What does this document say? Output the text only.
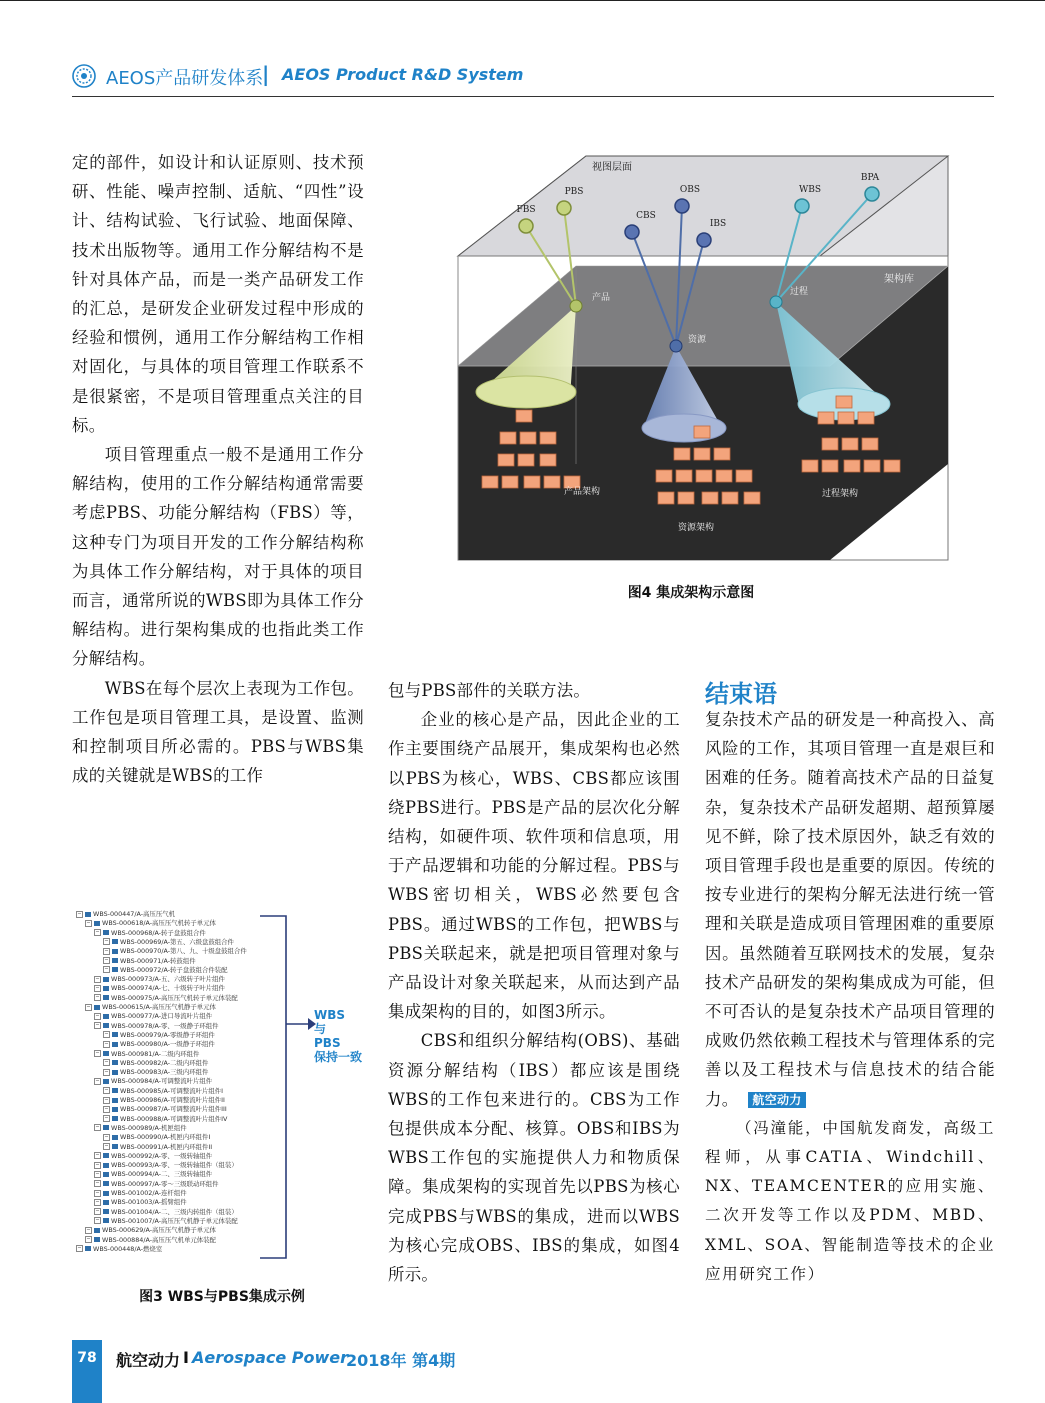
AEOS产品研发体系
| AEOS Product R&D System

定的部件，如设计和认证原则、技术预研、性能、噪声控制、适航、“四性”设计、结构试验、飞行试验、地面保障、技术出版物等。通用工作分解结构不是针对具体产品，而是一类产品研发工作的汇总，是研发企业研发过程中形成的经验和惯例，通用工作分解结构工作相对固化，与具体的项目管理工作联系不是很紧密，不是项目管理重点关注的目标。

项目管理重点一般不是通用工作分解结构，使用的工作分解结构通常需要考虑PBS、功能分解结构（FBS）等，这种专门为项目开发的工作分解结构称为具体工作分解结构，对于具体的项目而言，通常所说的WBS即为具体工作分解结构。进行架构集成的也指此类工作分解结构。

WBS在每个层次上表现为工作包。工作包是项目管理工具，是设置、监测和控制项目所必需的。PBS与WBS集成的关键就是WBS的工作

视图层面
架构库
FBS
PBS
CBS
OBS
IBS
WBS
BPA
产品
资源
过程
产品架构
资源架构
过程架构
图4 集成架构示意图

包与PBS部件的关联方法。

企业的核心是产品，因此企业的工作主要围绕产品展开，集成架构也必然以PBS为核心，WBS、CBS都应该围绕PBS进行。PBS是产品的层次化分解结构，如硬件项、软件项和信息项，用于产品逻辑和功能的分解过程。PBS与WBS密切相关，WBS必然要包含PBS。通过WBS的工作包，把WBS与PBS关联起来，就是把项目管理对象与产品设计对象关联起来，从而达到产品集成架构的目的，如图3所示。

CBS和组织分解结构(OBS)、基础资源分解结构（IBS）都应该是围绕WBS的工作包来进行的。CBS为工作包提供成本分配、核算。OBS和IBS为WBS工作包的实施提供人力和物质保障。集成架构的实现首先以PBS为核心完成PBS与WBS的集成，进而以WBS为核心完成OBS、IBS的集成，如图4所示。

结束语

复杂技术产品的研发是一种高投入、高风险的工作，其项目管理一直是艰巨和困难的任务。随着高技术产品的日益复杂，复杂技术产品研发超期、超预算屡见不鲜，除了技术原因外，缺乏有效的项目管理手段也是重要的原因。传统的按专业进行的架构分解无法进行统一管理和关联是造成项目管理困难的重要原因。虽然随着互联网技术的发展，复杂技术产品研发的架构集成成为可能，但不可否认的是复杂技术产品项目管理的成败仍然依赖工程技术与管理体系的完善以及工程技术与信息技术的结合能力。 航空动力

（冯潼能，中国航发商发，高级工程师，从事CATIA、Windchill、NX、TEAMCENTER的应用实施、二次开发等工作以及PDM、MBD、XML、SOA、智能制造等技术的企业应用研究工作）

− WBS-000447/A-高压压气机
− WBS-000618/A-高压压气机转子单元体
− WBS-000968/A-转子盘鼓组合件
− WBS-000969/A-第五、六级盘鼓组合件
− WBS-000970/A-第八、九、十级盘鼓组合件
− WBS-000971/A-转鼓组件
− WBS-000972/A-转子盘鼓组合件装配
− WBS-000973/A-五、六级转子叶片组件
− WBS-000974/A-七、十级转子叶片组件
− WBS-000975/A-高压压气机转子单元体装配
− WBS-000615/A-高压压气机静子单元体
− WBS-000977/A-进口导流叶片组件
− WBS-000978/A-零、一级静子环组件
− WBS-000979/A-零级静子环组件
− WBS-000980/A-一级静子环组件
− WBS-000981/A-二级内环组件
− WBS-000982/A-二级内环组件
− WBS-000983/A-三级内环组件
− WBS-000984/A-可调整流叶片组件
− WBS-000985/A-可调整流叶片组件I
− WBS-000986/A-可调整流叶片组件II
− WBS-000987/A-可调整流叶片组件III
− WBS-000988/A-可调整流叶片组件IV
− WBS-000989/A-机匣组件
− WBS-000990/A-机匣内环组件I
− WBS-000991/A-机匣内环组件II
− WBS-000992/A-零、一级转轴组件
− WBS-000993/A-零、一级转轴组件（组装）
− WBS-000994/A-二、三级转轴组件
− WBS-000997/A-零～三级联动环组件
− WBS-001002/A-连杆组件
− WBS-001003/A-摇臂组件
− WBS-001004/A-二、三级内转组件（组装）
− WBS-001007/A-高压压气机静子单元体装配
− WBS-000629/A-高压压气机静子单元体
− WBS-000884/A-高压压气机单元体装配
− WBS-000448/A-燃烧室
WBS
与
PBS
保持一致
图3 WBS与PBS集成示例
78	航空动力 I Aerospace Power
2018年 第4期
